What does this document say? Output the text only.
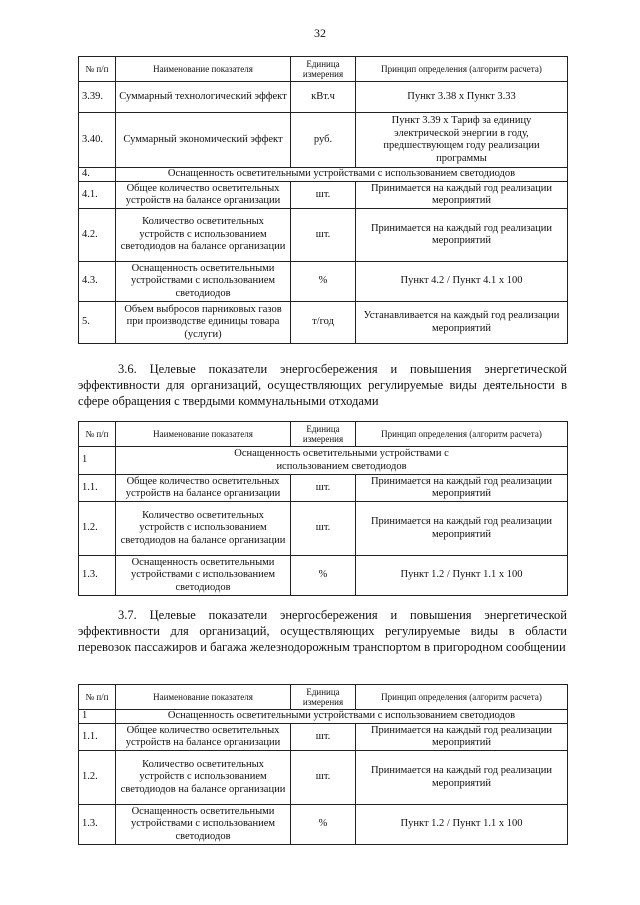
32
№ п/п	Наименование показателя	Единица измерения	Принцип определения (алгоритм расчета)
3.39.	Суммарный технологический эффект	кВт.ч	Пункт 3.38 х Пункт 3.33
3.40.	Суммарный экономический эффект	руб.	Пункт 3.39 х Тариф за единицу электрической энергии в году, предшествующем году реализации программы
4.	Оснащенность осветительными устройствами с использованием светодиодов		
4.1.	Общее количество осветительных устройств на балансе организации	шт.	Принимается на каждый год реализации мероприятий
4.2.	Количество осветительных устройств с использованием светодиодов на балансе организации	шт.	Принимается на каждый год реализации мероприятий
4.3.	Оснащенность осветительными устройствами с использованием светодиодов	%	Пункт 4.2 / Пункт 4.1 х 100
5.	Объем выбросов парниковых газов при производстве единицы товара (услуги)	т/год	Устанавливается на каждый год реализации мероприятий
3.6. Целевые показатели энергосбережения и повышения энергетической эффективности для организаций, осуществляющих регулируемые виды деятельности в сфере обращения с твердыми коммунальными отходами
№ п/п	Наименование показателя	Единица измерения	Принцип определения (алгоритм расчета)
1	Оснащенность осветительными устройствами с использованием светодиодов		
1.1.	Общее количество осветительных устройств на балансе организации	шт.	Принимается на каждый год реализации мероприятий
1.2.	Количество осветительных устройств с использованием светодиодов на балансе организации	шт.	Принимается на каждый год реализации мероприятий
1.3.	Оснащенность осветительными устройствами с использованием светодиодов	%	Пункт 1.2 / Пункт 1.1 х 100
3.7. Целевые показатели энергосбережения и повышения энергетической эффективности для организаций, осуществляющих регулируемые виды в области перевозок пассажиров и багажа железнодорожным транспортом в пригородном сообщении
№ п/п	Наименование показателя	Единица измерения	Принцип определения (алгоритм расчета)
1	Оснащенность осветительными устройствами с использованием светодиодов		
1.1.	Общее количество осветительных устройств на балансе организации	шт.	Принимается на каждый год реализации мероприятий
1.2.	Количество осветительных устройств с использованием светодиодов на балансе организации	шт.	Принимается на каждый год реализации мероприятий
1.3.	Оснащенность осветительными устройствами с использованием светодиодов	%	Пункт 1.2 / Пункт 1.1 х 100
